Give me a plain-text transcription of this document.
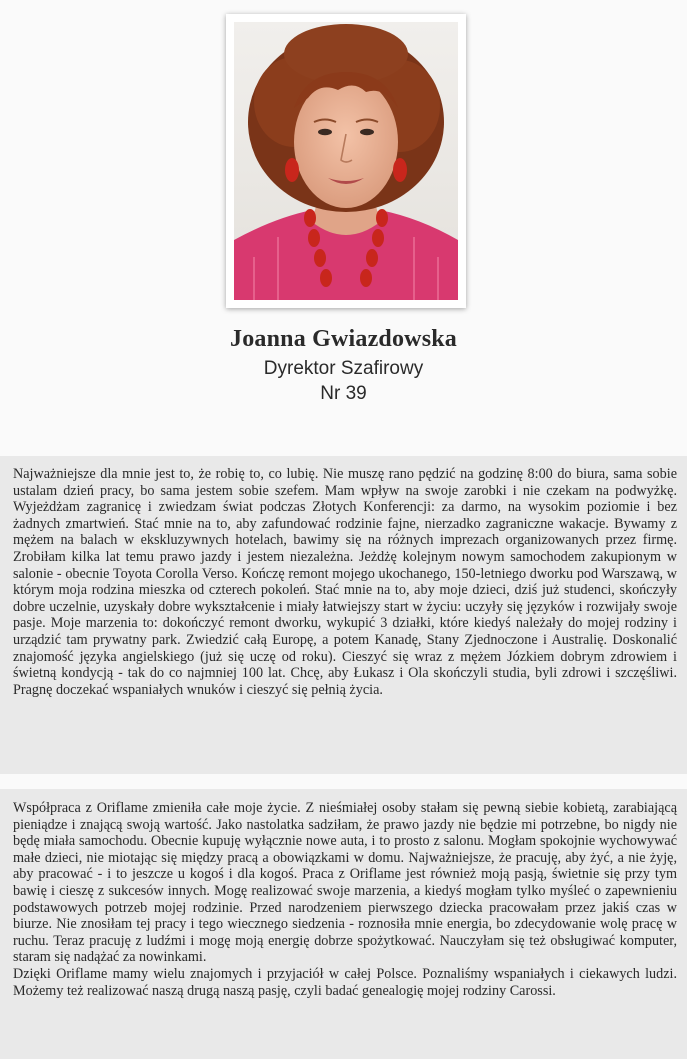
Joanna Gwiazdowska
Dyrektor Szafirowy
Nr 39

Najważniejsze dla mnie jest to, że robię to, co lubię. Nie muszę rano pędzić na godzinę 8:00 do biura, sama sobie ustalam dzień pracy, bo sama jestem sobie szefem. Mam wpływ na swoje zarobki i nie czekam na podwyżkę. Wyjeżdżam zagranicę i zwiedzam świat podczas Złotych Konferencji: za darmo, na wysokim poziomie i bez żadnych zmartwień. Stać mnie na to, aby zafundować rodzinie fajne, nierzadko zagraniczne wakacje. Bywamy z mężem na balach w ekskluzywnych hotelach, bawimy się na różnych imprezach organizowanych przez firmę. Zrobiłam kilka lat temu prawo jazdy i jestem niezależna. Jeżdżę kolejnym nowym samochodem zakupionym w salonie - obecnie Toyota Corolla Verso. Kończę remont mojego ukochanego, 150-letniego dworku pod Warszawą, w którym moja rodzina mieszka od czterech pokoleń. Stać mnie na to, aby moje dzieci, dziś już studenci, skończyły dobre uczelnie, uzyskały dobre wykształcenie i miały łatwiejszy start w życiu: uczyły się języków i rozwijały swoje pasje. Moje marzenia to: dokończyć remont dworku, wykupić 3 działki, które kiedyś należały do mojej rodziny i urządzić tam prywatny park. Zwiedzić całą Europę, a potem Kanadę, Stany Zjednoczone i Australię. Doskonalić znajomość języka angielskiego (już się uczę od roku). Cieszyć się wraz z mężem Józkiem dobrym zdrowiem i świetną kondycją - tak do co najmniej 100 lat. Chcę, aby Łukasz i Ola skończyli studia, byli zdrowi i szczęśliwi. Pragnę doczekać wspaniałych wnuków i cieszyć się pełnią życia.

Współpraca z Oriflame zmieniła całe moje życie. Z nieśmiałej osoby stałam się pewną siebie kobietą, zarabiającą pieniądze i znającą swoją wartość. Jako nastolatka sadziłam, że prawo jazdy nie będzie mi potrzebne, bo nigdy nie będę miała samochodu. Obecnie kupuję wyłącznie nowe auta, i to prosto z salonu. Mogłam spokojnie wychowywać małe dzieci, nie miotając się między pracą a obowiązkami w domu. Najważniejsze, że pracuję, aby żyć, a nie żyję, aby pracować - i to jeszcze u kogoś i dla kogoś. Praca z Oriflame jest również moją pasją, świetnie się przy tym bawię i cieszę z sukcesów innych. Mogę realizować swoje marzenia, a kiedyś mogłam tylko myśleć o zapewnieniu podstawowych potrzeb mojej rodzinie. Przed narodzeniem pierwszego dziecka pracowałam przez jakiś czas w biurze. Nie znosiłam tej pracy i tego wiecznego siedzenia - roznosiła mnie energia, bo zdecydowanie wolę pracę w ruchu. Teraz pracuję z ludźmi i mogę moją energię dobrze spożytkować. Nauczyłam się też obsługiwać komputer, staram się nadążać za nowinkami.

Dzięki Oriflame mamy wielu znajomych i przyjaciół w całej Polsce. Poznaliśmy wspaniałych i ciekawych ludzi. Możemy też realizować naszą drugą naszą pasję, czyli badać genealogię mojej rodziny Carossi.
